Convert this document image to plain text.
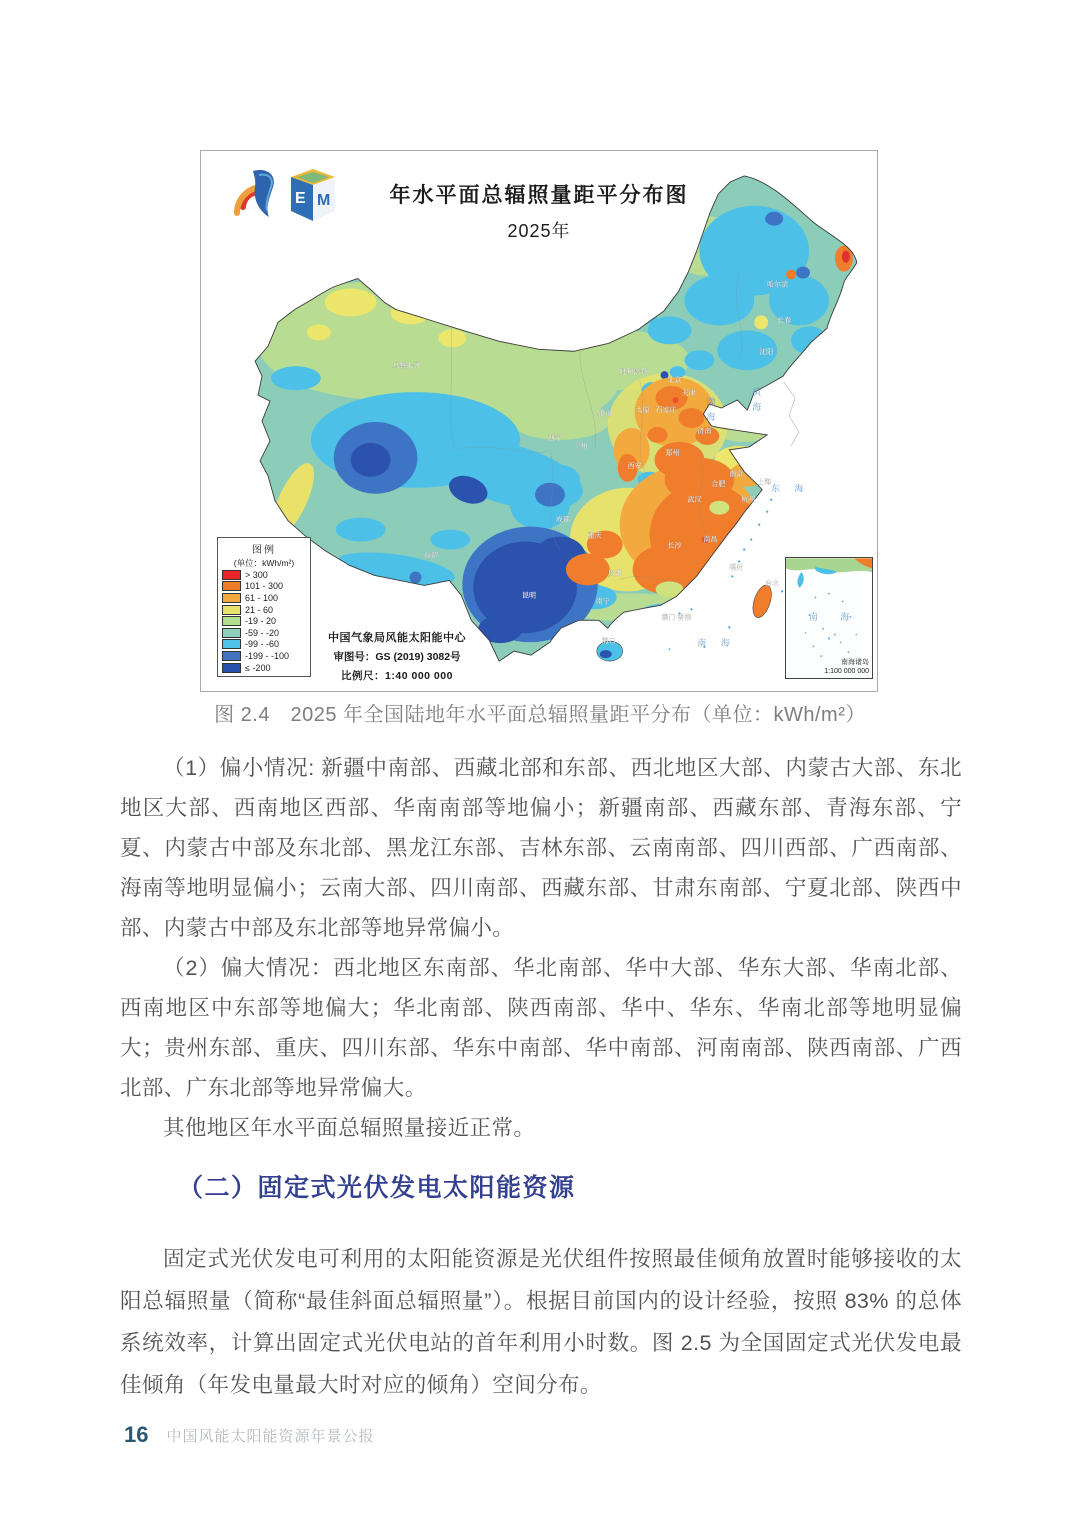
渤海	黄海
东 海
南 海
乌鲁木齐
哈尔滨
长春
沈阳
呼和浩特
北京
天津
太原 石家庄
济南
银川
西宁
兰州
西安
郑州
合肥
南京
上海
杭州
武汉
南昌
长沙
成都
重庆
贵阳
昆明
拉萨
南宁
澳门 香港
海口
福州
台北
E M	年水平面总辐照量距平分布图
2025年
图例
(单位：kWh/m²)
> 300
101 - 300
61 - 100
21 - 60
-19 - 20
-59 - -20
-99 - -60
-199 - -100
≤ -200
中国气象局风能太阳能中心
审图号：GS (2019) 3082号
比例尺：1:40 000 000
南 海
南海诸岛
1:100 000 000

图 2.4　2025 年全国陆地年水平面总辐照量距平分布（单位：kWh/m²）

（1）偏小情况: 新疆中南部、西藏北部和东部、西北地区大部、内蒙古大部、东北地区大部、西南地区西部、华南南部等地偏小；新疆南部、西藏东部、青海东部、宁夏、内蒙古中部及东北部、黑龙江东部、吉林东部、云南南部、四川西部、广西南部、海南等地明显偏小；云南大部、四川南部、西藏东部、甘肃东南部、宁夏北部、陕西中部、内蒙古中部及东北部等地异常偏小。

（2）偏大情况：西北地区东南部、华北南部、华中大部、华东大部、华南北部、西南地区中东部等地偏大；华北南部、陕西南部、华中、华东、华南北部等地明显偏大；贵州东部、重庆、四川东部、华东中南部、华中南部、河南南部、陕西南部、广西北部、广东北部等地异常偏大。

其他地区年水平面总辐照量接近正常。

（二）固定式光伏发电太阳能资源

固定式光伏发电可利用的太阳能资源是光伏组件按照最佳倾角放置时能够接收的太阳总辐照量（简称“最佳斜面总辐照量”）。根据目前国内的设计经验，按照 83% 的总体系统效率，计算出固定式光伏电站的首年利用小时数。图 2.5 为全国固定式光伏发电最佳倾角（年发电量最大时对应的倾角）空间分布。

16 中国风能太阳能资源年景公报
